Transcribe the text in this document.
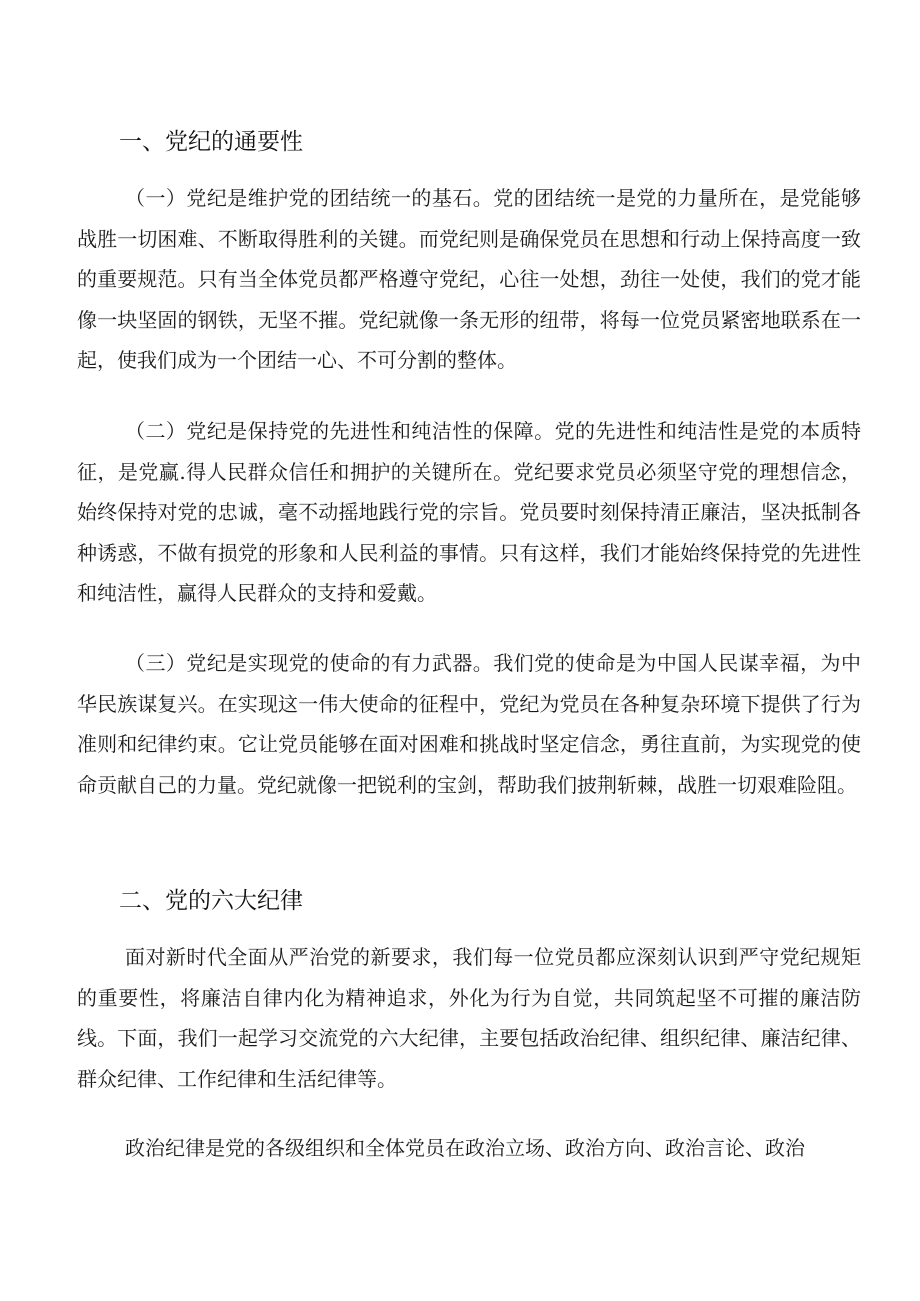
一、党纪的通要性

（一）党纪是维护党的团结统一的基石。党的团结统一是党的力量所在，是党能够战胜一切困难、不断取得胜利的关键。而党纪则是确保党员在思想和行动上保持高度一致的重要规范。只有当全体党员都严格遵守党纪，心往一处想，劲往一处使，我们的党才能像一块坚固的钢铁，无坚不摧。党纪就像一条无形的纽带，将每一位党员紧密地联系在一起，使我们成为一个团结一心、不可分割的整体。

（二）党纪是保持党的先进性和纯洁性的保障。党的先进性和纯洁性是党的本质特征，是党赢.得人民群众信任和拥护的关键所在。党纪要求党员必须坚守党的理想信念，始终保持对党的忠诚，毫不动摇地践行党的宗旨。党员要时刻保持清正廉洁，坚决抵制各种诱惑，不做有损党的形象和人民利益的事情。只有这样，我们才能始终保持党的先进性和纯洁性，赢得人民群众的支持和爱戴。

（三）党纪是实现党的使命的有力武器。我们党的使命是为中国人民谋幸福，为中华民族谋复兴。在实现这一伟大使命的征程中，党纪为党员在各种复杂环境下提供了行为准则和纪律约束。它让党员能够在面对困难和挑战时坚定信念，勇往直前，为实现党的使命贡献自己的力量。党纪就像一把锐利的宝剑，帮助我们披荆斩棘，战胜一切艰难险阻。

二、党的六大纪律

面对新时代全面从严治党的新要求，我们每一位党员都应深刻认识到严守党纪规矩的重要性，将廉洁自律内化为精神追求，外化为行为自觉，共同筑起坚不可摧的廉洁防线。下面，我们一起学习交流党的六大纪律，主要包括政治纪律、组织纪律、廉洁纪律、群众纪律、工作纪律和生活纪律等。

政治纪律是党的各级组织和全体党员在政治立场、政治方向、政治言论、政治
